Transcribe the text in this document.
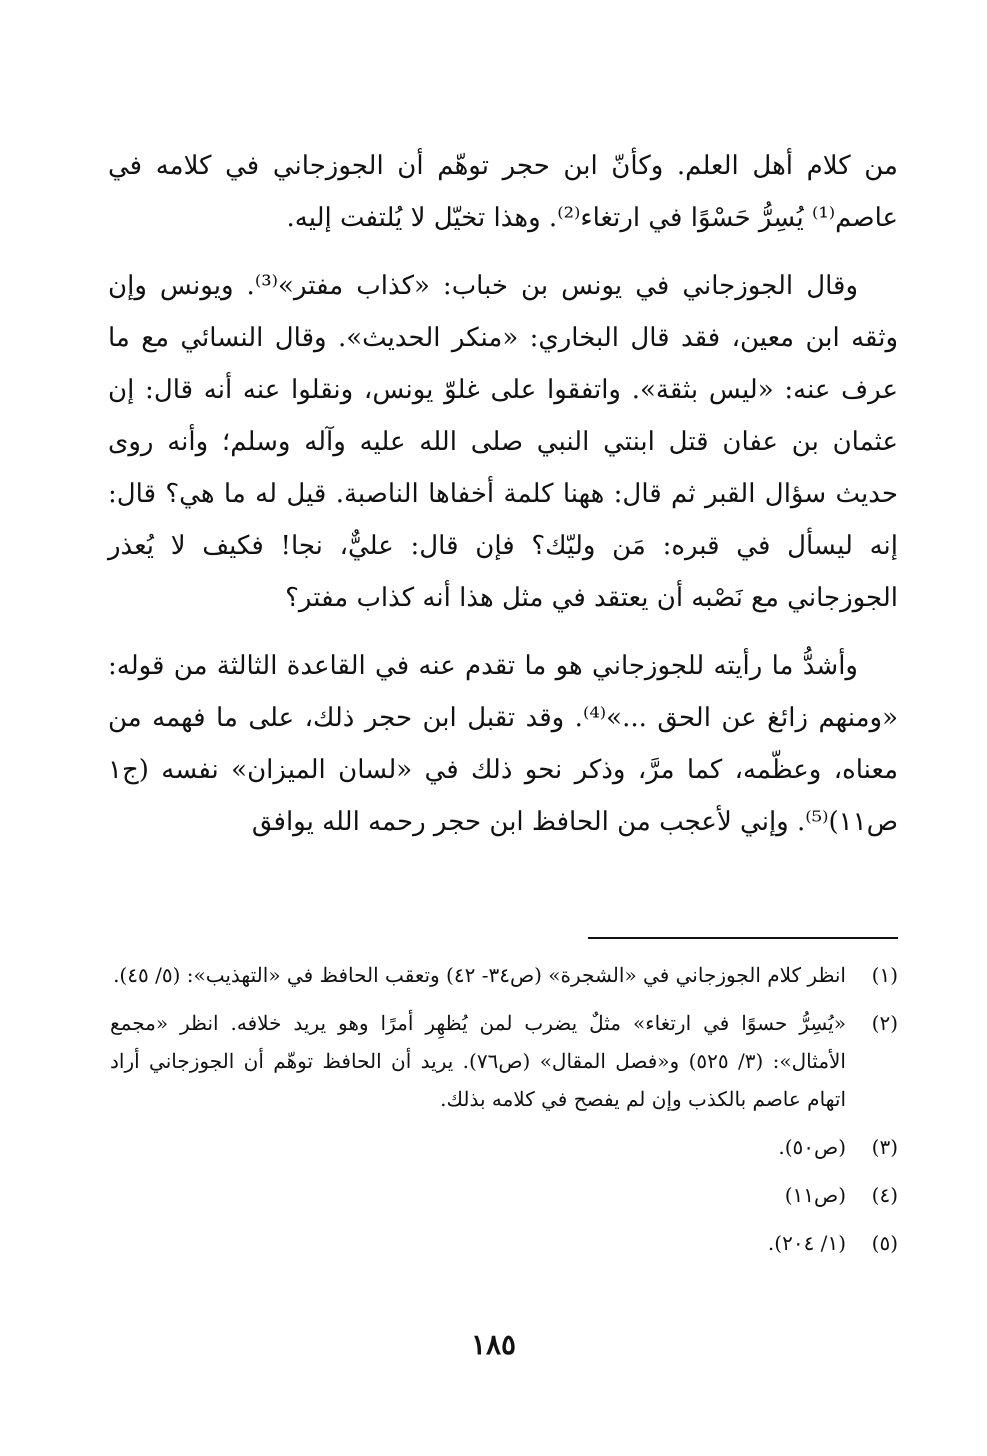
من كلام أهل العلم. وكأنّ ابن حجر توهّم أن الجوزجاني في كلامه في عاصم⁽¹⁾ يُسِرُّ حَسْوًا في ارتغاء⁽²⁾. وهذا تخيّل لا يُلتفت إليه.

وقال الجوزجاني في يونس بن خباب: «كذاب مفتر»⁽³⁾. ويونس وإن وثقه ابن معين، فقد قال البخاري: «منكر الحديث». وقال النسائي مع ما عرف عنه: «ليس بثقة». واتفقوا على غلوّ يونس، ونقلوا عنه أنه قال: إن عثمان بن عفان قتل ابنتي النبي صلى الله عليه وآله وسلم؛ وأنه روى حديث سؤال القبر ثم قال: ههنا كلمة أخفاها الناصبة. قيل له ما هي؟ قال: إنه ليسأل في قبره: مَن وليّك؟ فإن قال: عليٌّ، نجا! فكيف لا يُعذر الجوزجاني مع نَصْبه أن يعتقد في مثل هذا أنه كذاب مفتر؟

وأشدُّ ما رأيته للجوزجاني هو ما تقدم عنه في القاعدة الثالثة من قوله: «ومنهم زائغ عن الحق ...»⁽⁴⁾. وقد تقبل ابن حجر ذلك، على ما فهمه من معناه، وعظّمه، كما مرَّ، وذكر نحو ذلك في «لسان الميزان» نفسه (ج١ ص١١)⁽⁵⁾. وإني لأعجب من الحافظ ابن حجر رحمه الله يوافق

(١)
انظر كلام الجوزجاني في «الشجرة» (ص٣٤- ٤٢) وتعقب الحافظ في «التهذيب»: (٥/ ٤٥).
(٢)
«يُسِرُّ حسوًا في ارتغاء» مثلٌ يضرب لمن يُظهِر أمرًا وهو يريد خلافه. انظر «مجمع الأمثال»: (٣/ ٥٢٥) و«فصل المقال» (ص٧٦). يريد أن الحافظ توهّم أن الجوزجاني أراد اتهام عاصم بالكذب وإن لم يفصح في كلامه بذلك.
(٣)
(ص٥٠).
(٤)
(ص١١)
(٥)
(١/ ٢٠٤).
١٨٥
